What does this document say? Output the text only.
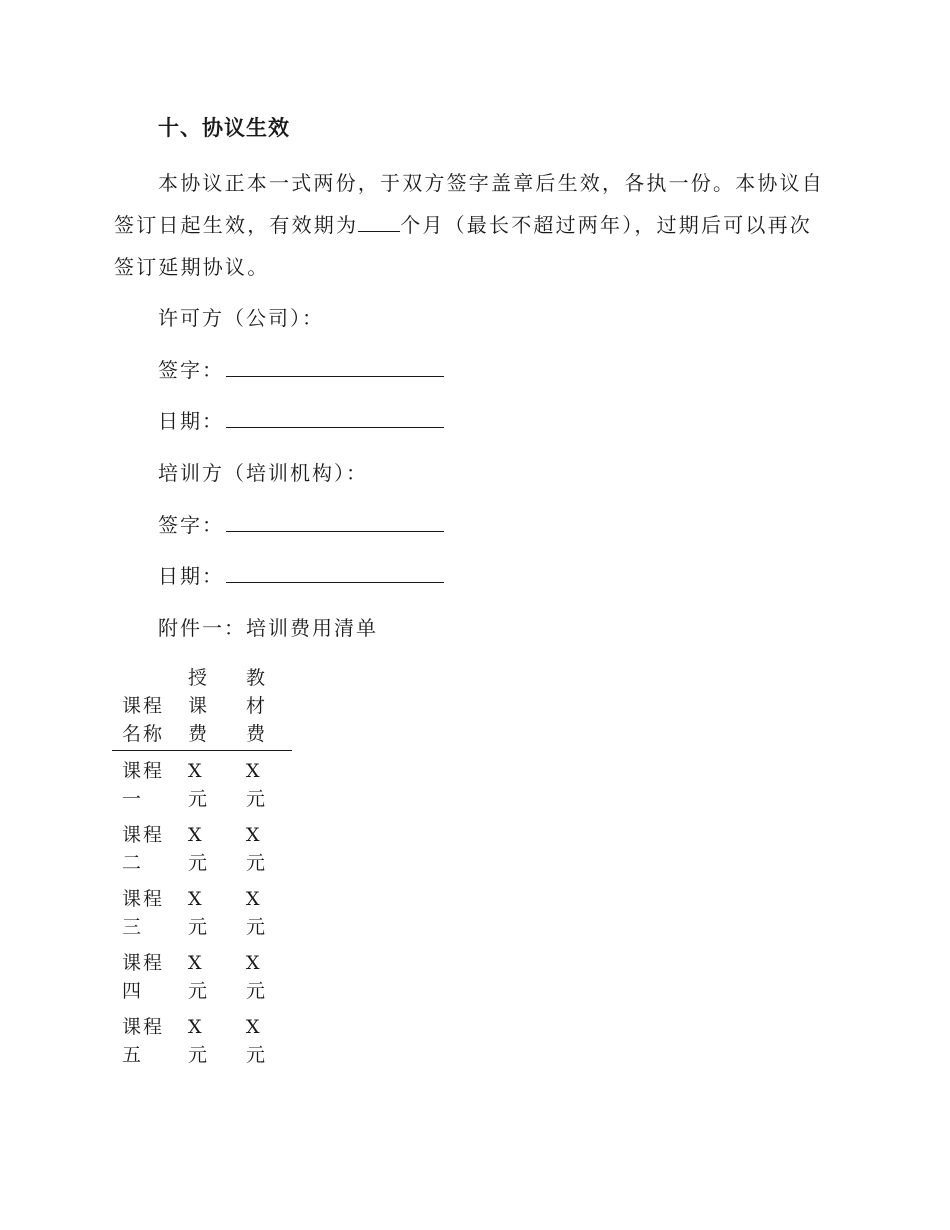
十、协议生效

本协议正本一式两份，于双方签字盖章后生效，各执一份。本协议自签订日起生效，有效期为 个月（最长不超过两年），过期后可以再次签订延期协议。

许可方（公司）：

签字：

日期：

培训方（培训机构）：

签字：

日期：

附件一：培训费用清单

课程名称	授课费	教材费

课程一	X元	X元

课程二	X元	X元

课程三	X元	X元

课程四	X元	X元

课程五	X元	X元
